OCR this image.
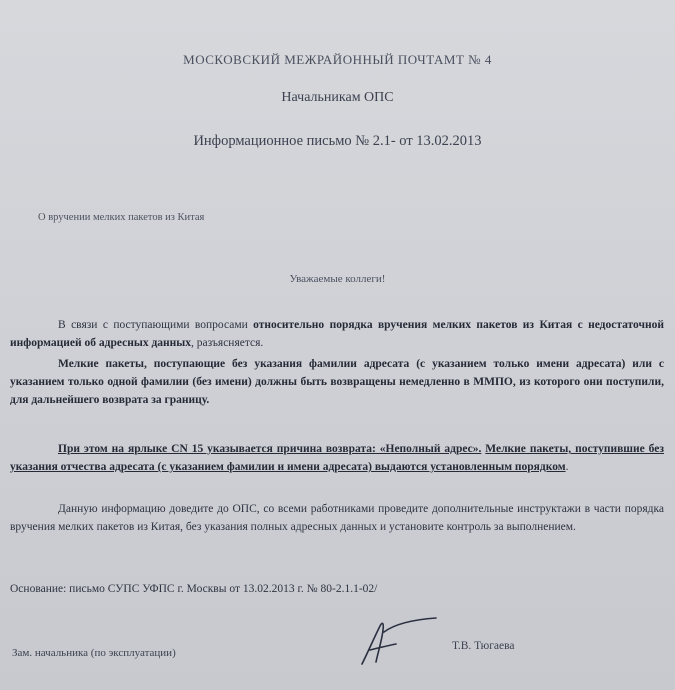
МОСКОВСКИЙ МЕЖРАЙОННЫЙ ПОЧТАМТ № 4
Начальникам ОПС
Информационное письмо № 2.1- от 13.02.2013
О вручении мелких пакетов из Китая
Уважаемые коллеги!
В связи с поступающими вопросами относительно порядка вручения мелких пакетов из Китая с недостаточной информацией об адресных данных, разъясняется.
Мелкие пакеты, поступающие без указания фамилии адресата (с указанием только имени адресата) или с указанием только одной фамилии (без имени) должны быть возвращены немедленно в ММПО, из которого они поступили, для дальнейшего возврата за границу.
При этом на ярлыке CN 15 указывается причина возврата: «Неполный адрес». Мелкие пакеты, поступившие без указания отчества адресата (с указанием фамилии и имени адресата) выдаются установленным порядком.
Данную информацию доведите до ОПС, со всеми работниками проведите дополнительные инструктажи в части порядка вручения мелких пакетов из Китая, без указания полных адресных данных и установите контроль за выполнением.
Основание: письмо СУПС УФПС г. Москвы от 13.02.2013 г. № 80-2.1.1-02/
Зам. начальника (по эксплуатации)
Т.В. Тюгаева
